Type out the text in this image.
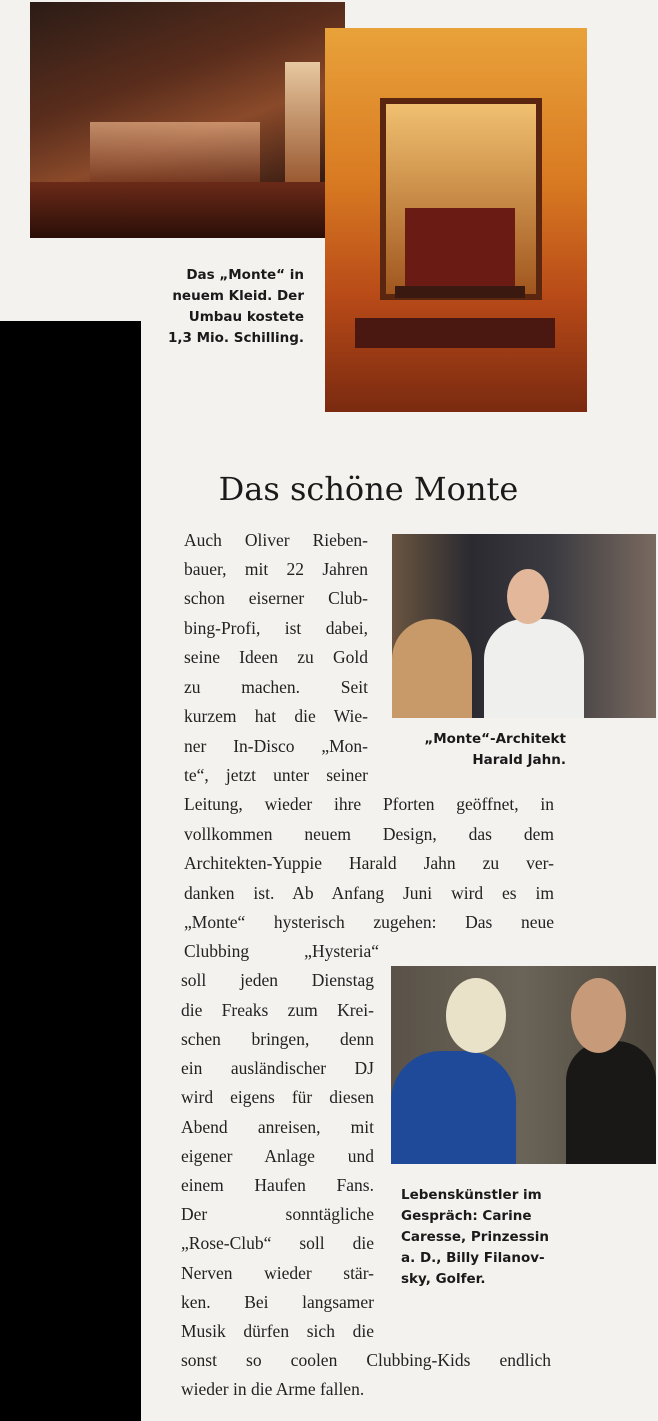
Das „Monte“ in
neuem Kleid. Der
Umbau kostete
1,3 Mio. Schilling.
Das schöne Monte
„Monte“-Architekt
Harald Jahn.
Lebenskünstler im
Gespräch: Carine
Caresse, Prinzessin
a. D., Billy Filanov-
sky, Golfer.
Auch Oliver Rieben-
bauer, mit 22 Jahren
schon eiserner Club-
bing-Profi, ist dabei,
seine Ideen zu Gold
zu machen. Seit
kurzem hat die Wie-
ner In-Disco „Mon-
te“, jetzt unter seiner
Leitung, wieder ihre Pforten geöffnet, in
vollkommen neuem Design, das dem
Architekten-Yuppie Harald Jahn zu ver-
danken ist. Ab Anfang Juni wird es im
„Monte“ hysterisch zugehen: Das neue
Clubbing „Hysteria“
soll jeden Dienstag
die Freaks zum Krei-
schen bringen, denn
ein ausländischer DJ
wird eigens für diesen
Abend anreisen, mit
eigener Anlage und
einem Haufen Fans.
Der sonntägliche
„Rose-Club“ soll die
Nerven wieder stär-
ken. Bei langsamer
Musik dürfen sich die
sonst so coolen Clubbing-Kids endlich
wieder in die Arme fallen.
